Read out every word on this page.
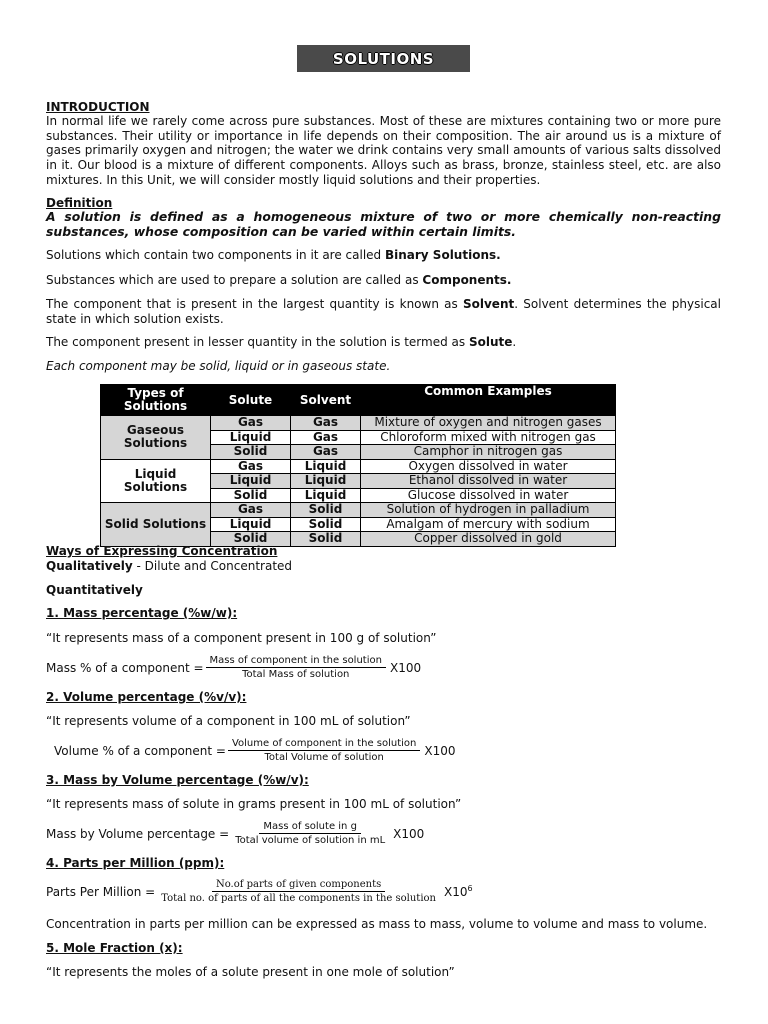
SOLUTIONS
INTRODUCTION

In normal life we rarely come across pure substances. Most of these are mixtures containing two or more pure substances. Their utility or importance in life depends on their composition. The air around us is a mixture of gases primarily oxygen and nitrogen; the water we drink contains very small amounts of various salts dissolved in it. Our blood is a mixture of different components. Alloys such as brass, bronze, stainless steel, etc. are also mixtures. In this Unit, we will consider mostly liquid solutions and their properties.

Definition

A solution is defined as a homogeneous mixture of two or more chemically non-reacting substances, whose composition can be varied within certain limits.

Solutions which contain two components in it are called Binary Solutions.

Substances which are used to prepare a solution are called as Components.

The component that is present in the largest quantity is known as Solvent. Solvent determines the physical state in which solution exists.

The component present in lesser quantity in the solution is termed as Solute.

Each component may be solid, liquid or in gaseous state.

Types of Solutions	Solute	Solvent	Common Examples

Gaseous Solutions	Gas	Gas	Mixture of oxygen and nitrogen gases
	Liquid	Gas	Chloroform mixed with nitrogen gas
	Solid	Gas	Camphor in nitrogen gas
Liquid Solutions	Gas	Liquid	Oxygen dissolved in water
	Liquid	Liquid	Ethanol dissolved in water
	Solid	Liquid	Glucose dissolved in water
Solid Solutions	Gas	Solid	Solution of hydrogen in palladium
	Liquid	Solid	Amalgam of mercury with sodium
	Solid	Solid	Copper dissolved in gold
Ways of Expressing Concentration
Qualitatively - Dilute and Concentrated
Quantitatively
1. Mass percentage (%w/w):
“It represents mass of a component present in 100 g of solution”
Mass % of a component = $\frac{\text{Mass of component in the solution}}{\text{Total Mass of solution}} X100$
2. Volume percentage (%v/v):
“It represents volume of a component in 100 mL of solution”
Volume % of a component = $\frac{\text{Volume of component in the solution}}{\text{Total Volume of solution}} X100$
3. Mass by Volume percentage (%w/v):
“It represents mass of solute in grams present in 100 mL of solution”
Mass by Volume percentage = $\frac{\text{Mass of solute in g}}{\text{Total volume of solution in mL}} X100$
4. Parts per Million (ppm):
Parts Per Million = $\frac{\text{No.of parts of given components}}{\text{Total no. of parts of all the components in the solution}} X10^6$
Concentration in parts per million can be expressed as mass to mass, volume to volume and mass to volume.
5. Mole Fraction (x):
“It represents the moles of a solute present in one mole of solution”
